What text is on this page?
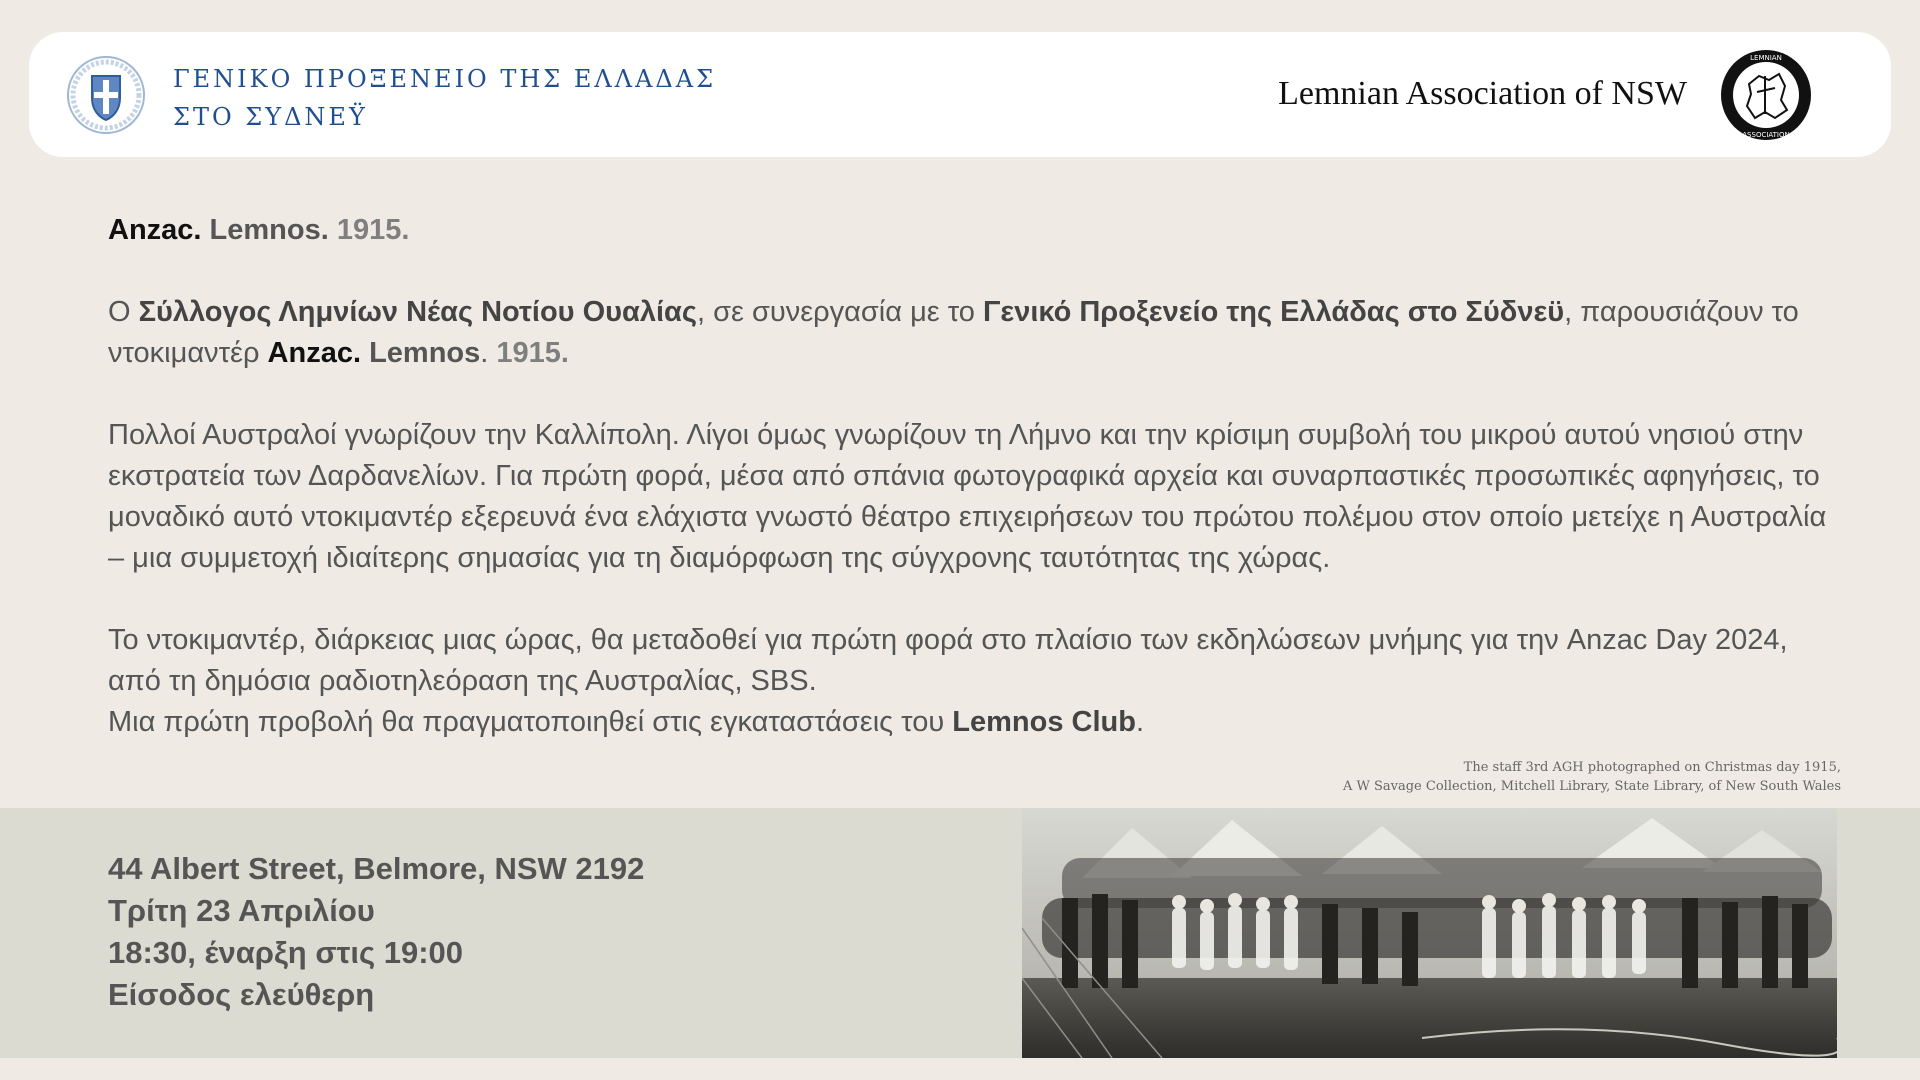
ΓΕΝΙΚΟ ΠΡΟΞΕΝΕΙΟ ΤΗΣ ΕΛΛΑΔΑΣ
ΣΤΟ ΣΥΔΝΕΫ
Lemnian Association of NSW
LEMNIAN
ASSOCIATION

Anzac. Lemnos. 1915.

Ο Σύλλογος Λημνίων Νέας Νοτίου Ουαλίας, σε συνεργασία με το Γενικό Προξενείο της Ελλάδας στο Σύδνεϋ, παρουσιάζουν το ντοκιμαντέρ Anzac. Lemnos. 1915.

Πολλοί Αυστραλοί γνωρίζουν την Καλλίπολη. Λίγοι όμως γνωρίζουν τη Λήμνο και την κρίσιμη συμβολή του μικρού αυτού νησιού στην εκστρατεία των Δαρδανελίων. Για πρώτη φορά, μέσα από σπάνια φωτογραφικά αρχεία και συναρπαστικές προσωπικές αφηγήσεις, το μοναδικό αυτό ντοκιμαντέρ εξερευνά ένα ελάχιστα γνωστό θέατρο επιχειρήσεων του πρώτου πολέμου στον οποίο μετείχε η Αυστραλία – μια συμμετοχή ιδιαίτερης σημασίας για τη διαμόρφωση της σύγχρονης ταυτότητας της χώρας.

Το ντοκιμαντέρ, διάρκειας μιας ώρας, θα μεταδοθεί για πρώτη φορά στο πλαίσιο των εκδηλώσεων μνήμης για την Anzac Day 2024, από τη δημόσια ραδιοτηλεόραση της Αυστραλίας, SBS.
Μια πρώτη προβολή θα πραγματοποιηθεί στις εγκαταστάσεις του Lemnos Club.

The staff 3rd AGH photographed on Christmas day 1915,
A W Savage Collection, Mitchell Library, State Library, of New South Wales
44 Albert Street, Belmore, NSW 2192
Τρίτη 23 Απριλίου
18:30, έναρξη στις 19:00
Είσοδος ελεύθερη
